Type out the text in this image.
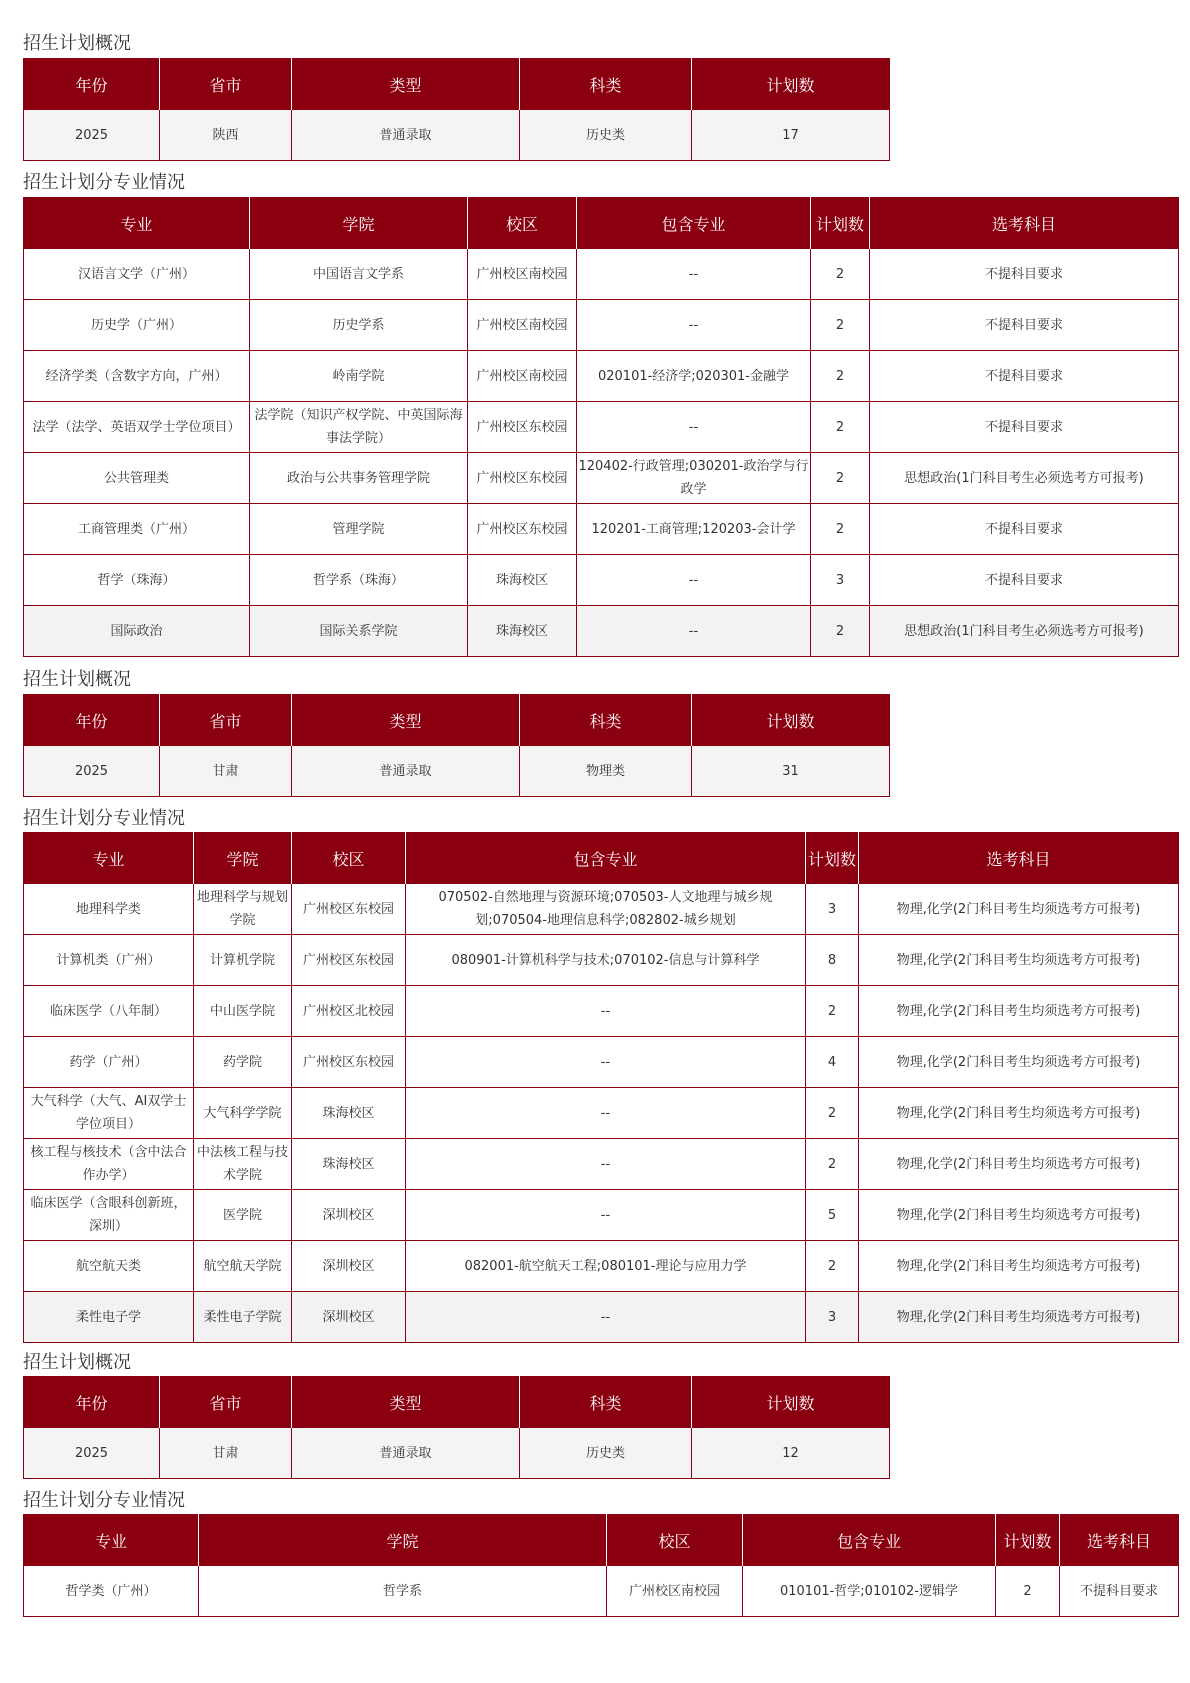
招生计划概况
年份	省市	类型	科类	计划数
2025	陕西	普通录取	历史类	17
招生计划分专业情况
专业	学院	校区	包含专业	计划数	选考科目
汉语言文学（广州）	中国语言文学系	广州校区南校园	--	2	不提科目要求
历史学（广州）	历史学系	广州校区南校园	--	2	不提科目要求
经济学类（含数字方向，广州）	岭南学院	广州校区南校园	020101-经济学;020301-金融学	2	不提科目要求
法学（法学、英语双学士学位项目）	法学院（知识产权学院、中英国际海事法学院）	广州校区东校园	--	2	不提科目要求
公共管理类	政治与公共事务管理学院	广州校区东校园	120402-行政管理;030201-政治学与行政学	2	思想政治(1门科目考生必须选考方可报考)
工商管理类（广州）	管理学院	广州校区东校园	120201-工商管理;120203-会计学	2	不提科目要求
哲学（珠海）	哲学系（珠海）	珠海校区	--	3	不提科目要求
国际政治	国际关系学院	珠海校区	--	2	思想政治(1门科目考生必须选考方可报考)
招生计划概况
年份	省市	类型	科类	计划数
2025	甘肃	普通录取	物理类	31
招生计划分专业情况
专业	学院	校区	包含专业	计划数	选考科目
地理科学类	地理科学与规划学院	广州校区东校园	070502-自然地理与资源环境;070503-人文地理与城乡规划;070504-地理信息科学;082802-城乡规划	3	物理,化学(2门科目考生均须选考方可报考)
计算机类（广州）	计算机学院	广州校区东校园	080901-计算机科学与技术;070102-信息与计算科学	8	物理,化学(2门科目考生均须选考方可报考)
临床医学（八年制）	中山医学院	广州校区北校园	--	2	物理,化学(2门科目考生均须选考方可报考)
药学（广州）	药学院	广州校区东校园	--	4	物理,化学(2门科目考生均须选考方可报考)
大气科学（大气、AI双学士学位项目）	大气科学学院	珠海校区	--	2	物理,化学(2门科目考生均须选考方可报考)
核工程与核技术（含中法合作办学）	中法核工程与技术学院	珠海校区	--	2	物理,化学(2门科目考生均须选考方可报考)
临床医学（含眼科创新班，深圳）	医学院	深圳校区	--	5	物理,化学(2门科目考生均须选考方可报考)
航空航天类	航空航天学院	深圳校区	082001-航空航天工程;080101-理论与应用力学	2	物理,化学(2门科目考生均须选考方可报考)
柔性电子学	柔性电子学院	深圳校区	--	3	物理,化学(2门科目考生均须选考方可报考)
招生计划概况
年份	省市	类型	科类	计划数
2025	甘肃	普通录取	历史类	12
招生计划分专业情况
专业	学院	校区	包含专业	计划数	选考科目
哲学类（广州）	哲学系	广州校区南校园	010101-哲学;010102-逻辑学	2	不提科目要求
